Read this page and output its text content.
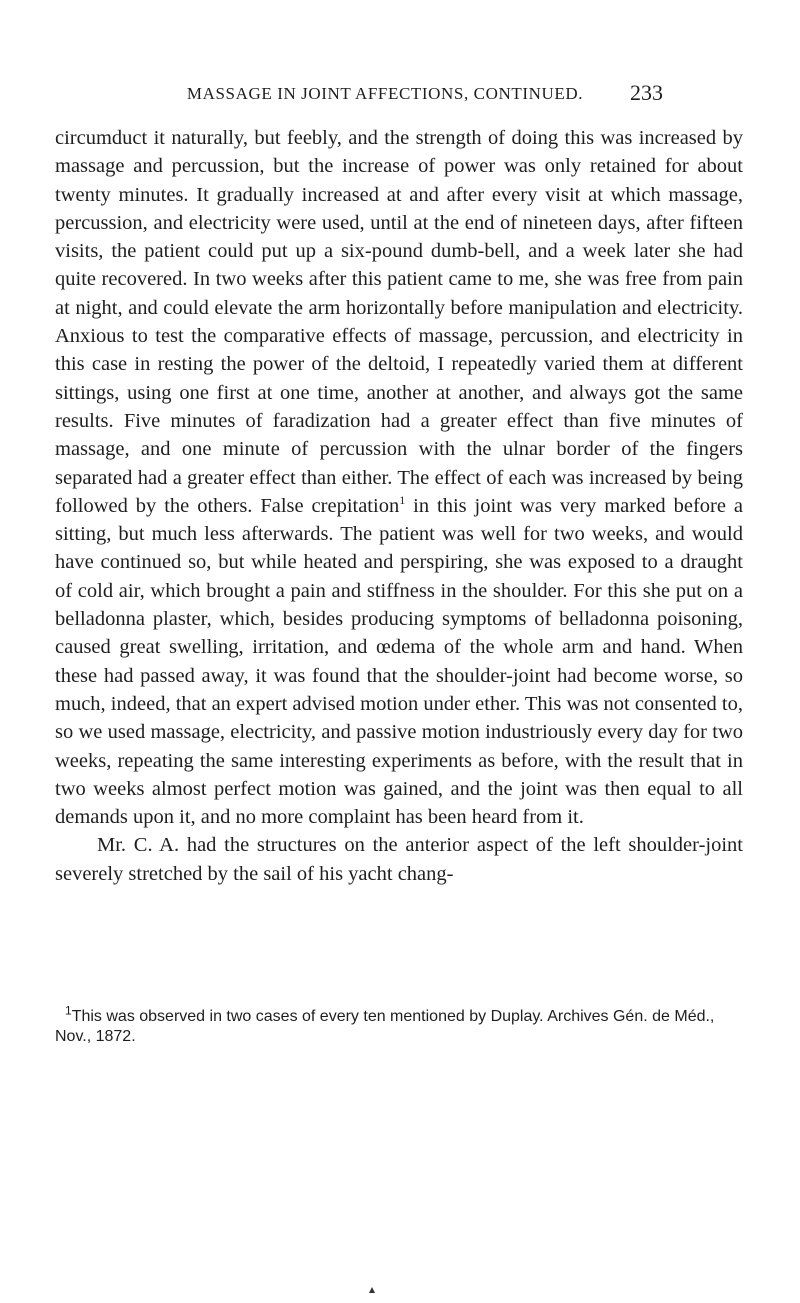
MASSAGE IN JOINT AFFECTIONS, CONTINUED.	233

circumduct it naturally, but feebly, and the strength of doing this was increased by massage and percussion, but the increase of power was only retained for about twenty minutes. It gradually increased at and after every visit at which massage, percussion, and electricity were used, until at the end of nineteen days, after fifteen visits, the patient could put up a six-pound dumb-bell, and a week later she had quite recovered. In two weeks after this patient came to me, she was free from pain at night, and could elevate the arm horizontally before manipulation and electricity. Anxious to test the comparative effects of massage, percussion, and electricity in this case in resting the power of the deltoid, I repeatedly varied them at different sittings, using one first at one time, another at another, and always got the same results. Five minutes of faradization had a greater effect than five minutes of massage, and one minute of percussion with the ulnar border of the fingers separated had a greater effect than either. The effect of each was increased by being followed by the others. False crepitation$^1$ in this joint was very marked before a sitting, but much less afterwards. The patient was well for two weeks, and would have continued so, but while heated and perspiring, she was exposed to a draught of cold air, which brought a pain and stiffness in the shoulder. For this she put on a belladonna plaster, which, besides producing symptoms of belladonna poisoning, caused great swelling, irritation, and œdema of the whole arm and hand. When these had passed away, it was found that the shoulder-joint had become worse, so much, indeed, that an expert advised motion under ether. This was not consented to, so we used massage, electricity, and passive motion industriously every day for two weeks, repeating the same interesting experiments as before, with the result that in two weeks almost perfect motion was gained, and the joint was then equal to all demands upon it, and no more complaint has been heard from it.

Mr. C. A. had the structures on the anterior aspect of the left shoulder-joint severely stretched by the sail of his yacht chang-

$^1$This was observed in two cases of every ten mentioned by Duplay. Archives Gén. de Méd., Nov., 1872.
